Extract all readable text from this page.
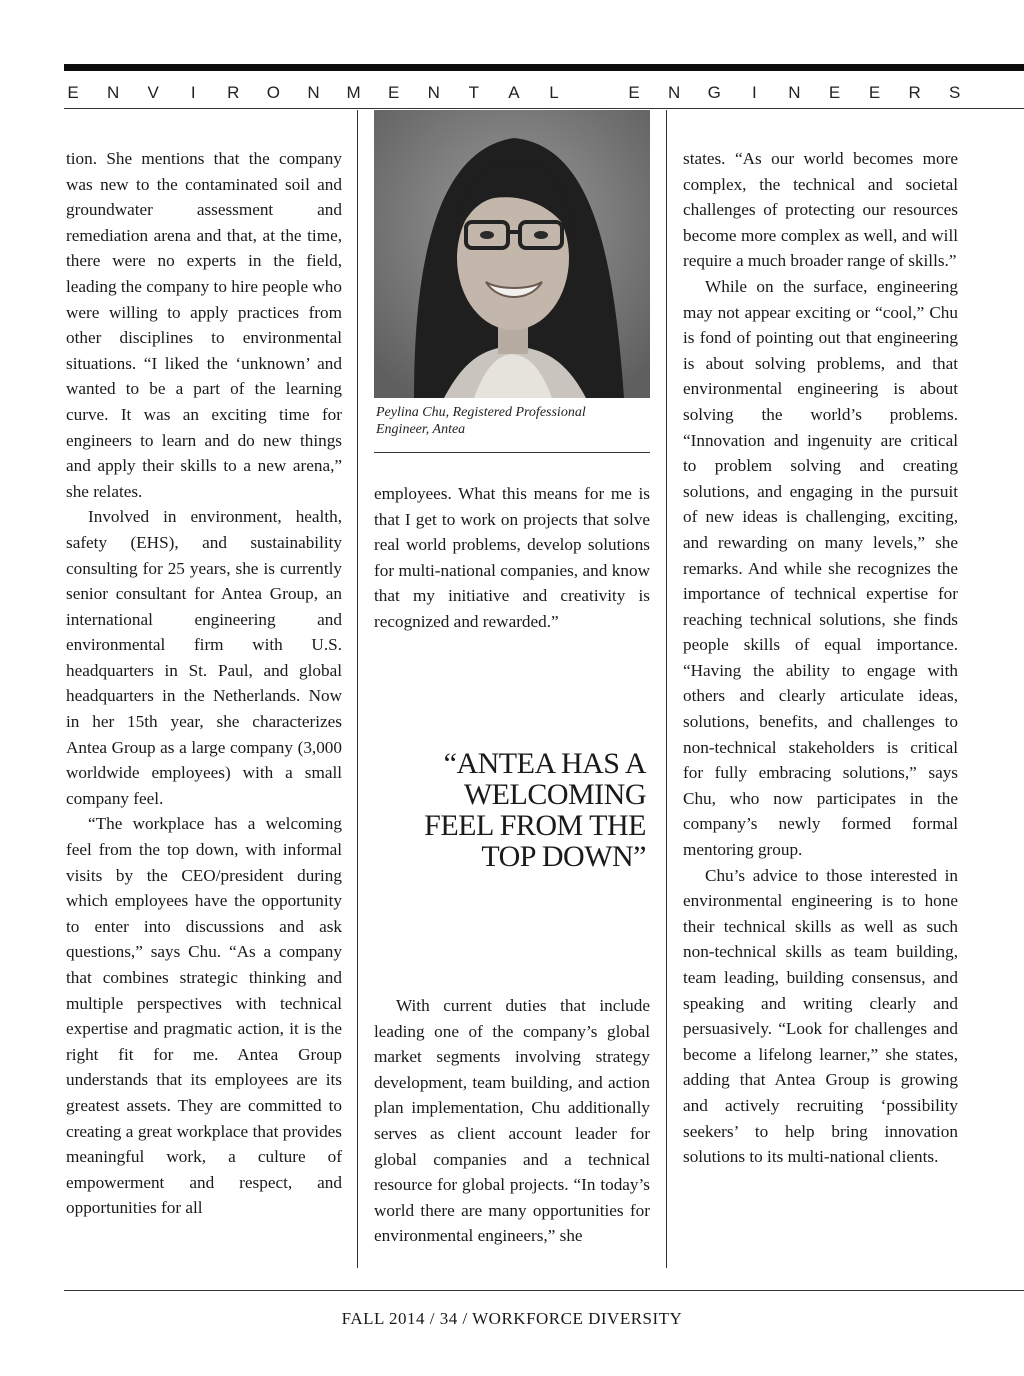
E N V	I	R O N M E N T A L	E N G	I	N E E R S

tion. She mentions that the company was new to the contaminated soil and groundwater assessment and remediation arena and that, at the time, there were no experts in the field, leading the company to hire people who were willing to apply practices from other disciplines to environmental situations. “I liked the ‘unknown’ and wanted to be a part of the learning curve. It was an exciting time for engineers to learn and do new things and apply their skills to a new arena,” she relates.

Involved in environment, health, safety (EHS), and sustainability consulting for 25 years, she is currently senior consultant for Antea Group, an international engineering and environmental firm with U.S. headquarters in St. Paul, and global headquarters in the Netherlands. Now in her 15th year, she characterizes Antea Group as a large company (3,000 worldwide employees) with a small company feel.

“The workplace has a welcoming feel from the top down, with informal visits by the CEO/president during which employees have the opportunity to enter into discussions and ask questions,” says Chu. “As a company that combines strategic thinking and multiple perspectives with technical expertise and pragmatic action, it is the right fit for me. Antea Group understands that its employees are its greatest assets. They are committed to creating a great workplace that provides meaningful work, a culture of empowerment and respect, and opportunities for all

Peylina Chu, Registered Professional
Engineer, Antea

employees. What this means for me is that I get to work on projects that solve real world problems, develop solutions for multi-national companies, and know that my initiative and creativity is recognized and rewarded.”

“ANTEA HAS A
WELCOMING
FEEL FROM THE
TOP DOWN”

With current duties that include leading one of the company’s global market segments involving strategy development, team building, and action plan implementation, Chu additionally serves as client account leader for global companies and a technical resource for global projects. “In today’s world there are many opportunities for environmental engineers,” she

states. “As our world becomes more complex, the technical and societal challenges of protecting our resources become more complex as well, and will require a much broader range of skills.”

While on the surface, engineering may not appear exciting or “cool,” Chu is fond of pointing out that engineering is about solving problems, and that environmental engineering is about solving the world’s problems. “Innovation and ingenuity are critical to problem solving and creating solutions, and engaging in the pursuit of new ideas is challenging, exciting, and rewarding on many levels,” she remarks. And while she recognizes the importance of technical expertise for reaching technical solutions, she finds people skills of equal importance. “Having the ability to engage with others and clearly articulate ideas, solutions, benefits, and challenges to non-technical stakeholders is critical for fully embracing solutions,” says Chu, who now participates in the company’s newly formed formal mentoring group.

Chu’s advice to those interested in environmental engineering is to hone their technical skills as well as such non-technical skills as team building, team leading, building consensus, and speaking and writing clearly and persuasively. “Look for challenges and become a lifelong learner,” she states, adding that Antea Group is growing and actively recruiting ‘possibility seekers’ to help bring innovation solutions to its multi-national clients.

FALL 2014 / 34 / WORKFORCE DIVERSITY
